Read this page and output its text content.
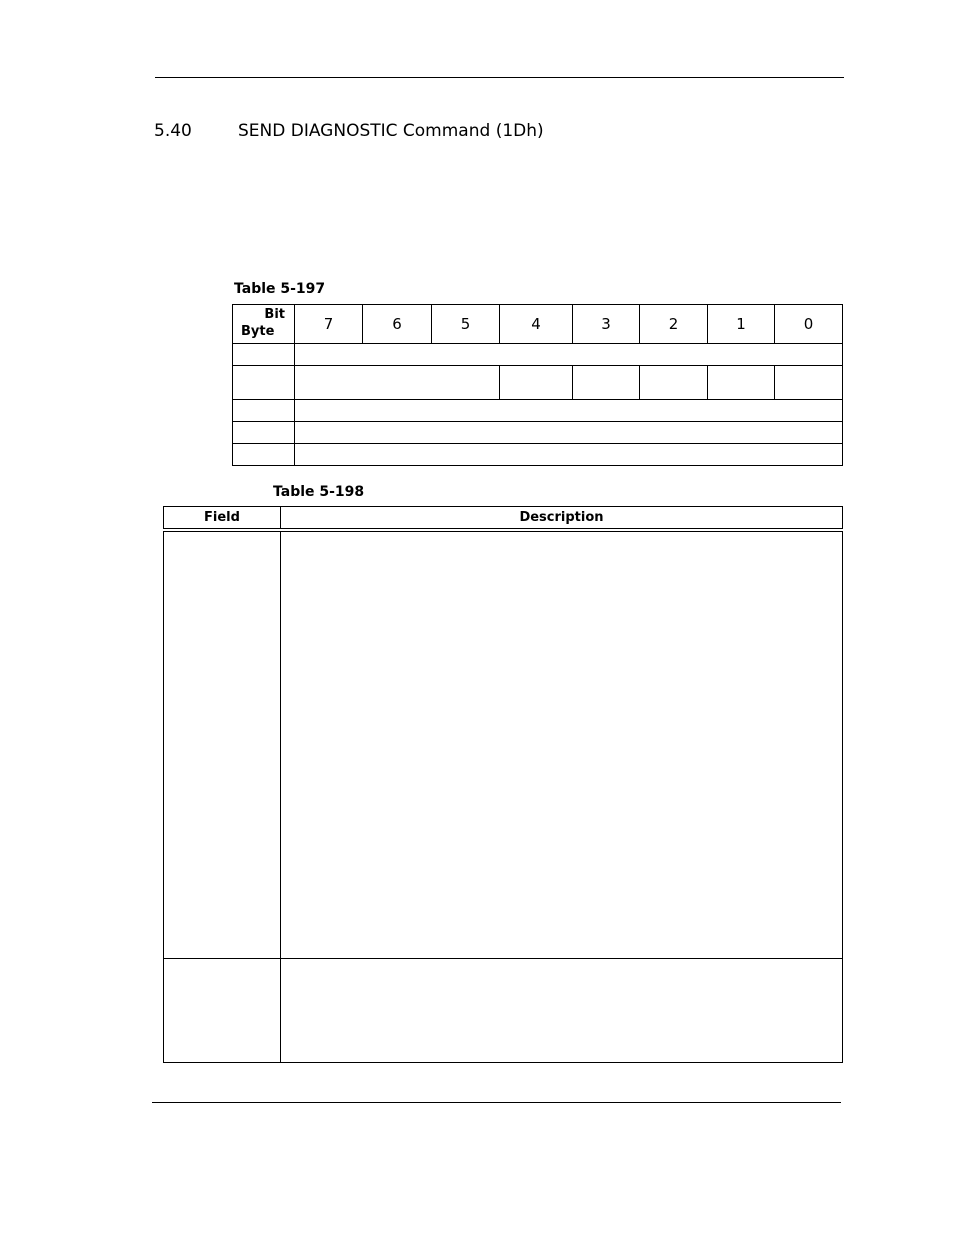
5.40	SEND DIAGNOSTIC Command (1Dh)
Table 5-197
Bit
Byte	7	6	5	4	3	2	1	0

Table 5-198
Field	Description
